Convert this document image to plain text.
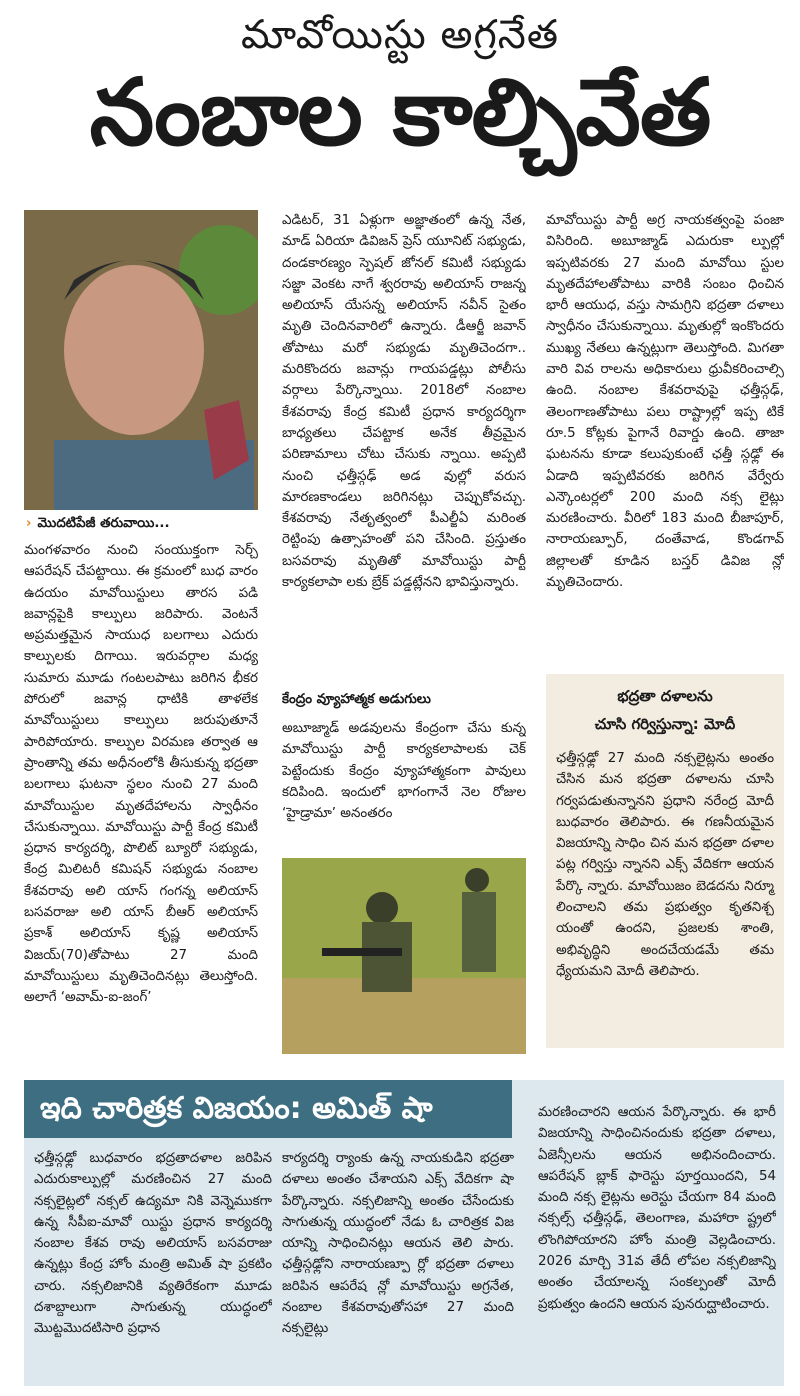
మావోయిస్టు అగ్రనేత
నంబాల కాల్చివేత
› మొదటిపేజీ తరువాయి...

మంగళవారం నుంచి సంయుక్తంగా సెర్చ్ ఆపరేషన్ చేపట్టాయి. ఈ క్రమంలో బుధ వారం ఉదయం మావోయిస్టులు తారస పడి జవాన్లపైకి కాల్పులు జరిపారు. వెంటనే అప్రమత్తమైన సాయుధ బలగాలు ఎదురు కాల్పులకు దిగాయి. ఇరువర్గాల మధ్య సుమారు మూడు గంటలపాటు జరిగిన భీకర పోరులో జవాన్ల ధాటికి తాళలేక మావోయిస్టులు కాల్పులు జరుపుతూనే పారిపోయారు. కాల్పుల విరమణ తర్వాత ఆ ప్రాంతాన్ని తమ అధీనంలోకి తీసుకున్న భద్రతా బలగాలు ఘటనా స్థలం నుంచి 27 మంది మావోయిస్టుల మృతదేహాలను స్వాధీనం చేసుకున్నాయి. మావోయిస్టు పార్టీ కేంద్ర కమిటీ ప్రధాన కార్యదర్శి, పొలిట్ బ్యూరో సభ్యుడు, కేంద్ర మిలిటరీ కమిషన్ సభ్యుడు నంబాల కేశవరావు అలి యాస్ గంగన్న అలియాస్ బసవరాజు అలి యాస్ బీఆర్ అలియాస్ ప్రకాశ్ అలియాస్ కృష్ణ అలియాస్ విజయ్(70)తోపాటు 27 మంది మావోయిస్టులు మృతిచెందినట్లు తెలుస్తోంది. అలాగే ‘అవామ్-ఐ-జంగ్’

ఎడిటర్, 31 ఏళ్లుగా అజ్ఞాతంలో ఉన్న నేత, మాడ్ ఏరియా డివిజన్ ప్రెస్ యూనిట్ సభ్యుడు, దండకారణ్యం స్పెషల్ జోనల్ కమిటీ సభ్యుడు సజ్జా వెంకట నాగే శ్వరరావు అలియాస్ రాజన్న అలియాస్ యేసన్న అలియాస్ నవీన్ సైతం మృతి చెందినవారిలో ఉన్నారు. డీఆర్జీ జవాన్ తోపాటు మరో సభ్యుడు మృతిచెందగా.. మరికొందరు జవాన్లు గాయపడ్డట్లు పోలీసు వర్గాలు పేర్కొన్నాయి. 2018లో నంబాల కేశవరావు కేంద్ర కమిటీ ప్రధాన కార్యదర్శిగా బాధ్యతలు చేపట్టాక అనేక తీవ్రమైన పరిణామాలు చోటు చేసుకు న్నాయి. అప్పటి నుంచి ఛత్తీస్గఢ్ అడ వుల్లో వరుస మారణకాండలు జరిగినట్లు చెప్పుకోవచ్చు. కేశవరావు నేతృత్వంలో పీఎల్జీఏ మరింత రెట్టింపు ఉత్సాహంతో పని చేసింది. ప్రస్తుతం బసవరావు మృతితో మావోయిస్టు పార్టీ కార్యకలాపా లకు బ్రేక్ పడ్డట్లేనని భావిస్తున్నారు.

కేంద్రం వ్యూహాత్మక అడుగులు

అబూజ్మాడ్ అడవులను కేంద్రంగా చేసు కున్న మావోయిస్టు పార్టీ కార్యకలాపాలకు చెక్ పెట్టేందుకు కేంద్రం వ్యూహాత్మకంగా పావులు కదిపింది. ఇందులో భాగంగానే నెల రోజుల ‘హైడ్రామా’ అనంతరం

మావోయిస్టు పార్టీ అగ్ర నాయకత్వంపై పంజా విసిరింది. అబూజ్మాడ్ ఎదురుకా ల్పుల్లో ఇప్పటివరకు 27 మంది మావోయి స్టుల మృతదేహాలతోపాటు వారికి సంబం ధించిన భారీ ఆయుధ, వస్తు సామగ్రిని భద్రతా దళాలు స్వాధీనం చేసుకున్నాయి. మృతుల్లో ఇంకొందరు ముఖ్య నేతలు ఉన్నట్లుగా తెలుస్తోంది. మిగతా వారి వివ రాలను అధికారులు ధ్రువీకరించాల్సి ఉంది. నంబాల కేశవరావుపై ఛత్తీస్గఢ్, తెలంగాణతోపాటు పలు రాష్ట్రాల్లో ఇప్ప టికే రూ.5 కోట్లకు పైగానే రివార్డు ఉంది. తాజా ఘటనను కూడా కలుపుకుంటే ఛత్తీ స్గఢ్లో ఈ ఏడాది ఇప్పటివరకు జరిగిన వేర్వేరు ఎన్కౌంటర్లలో 200 మంది నక్స లైట్లు మరణించారు. వీరిలో 183 మంది బీజాపూర్, నారాయణ్పూర్, దంతేవాడ, కొండగావ్ జిల్లాలతో కూడిన బస్తర్ డివిజ న్లో మృతిచెందారు.

భద్రతా దళాలను
చూసి గర్విస్తున్నా: మోదీ

ఛత్తీస్గఢ్లో 27 మంది నక్సలైట్లను అంతం చేసిన మన భద్రతా దళాలను చూసి గర్వపడుతున్నానని ప్రధాని నరేంద్ర మోదీ బుధవారం తెలిపారు. ఈ గణనీయమైన విజయాన్ని సాధిం చిన మన భద్రతా దళాల పట్ల గర్విస్తు న్నానని ఎక్స్ వేదికగా ఆయన పేర్కొ న్నారు. మావోయిజం బెడదను నిర్మూ లించాలని తమ ప్రభుత్వం కృతనిశ్చ యంతో ఉందని, ప్రజలకు శాంతి, అభివృద్ధిని అందచేయడమే తమ ధ్యేయమని మోదీ తెలిపారు.

ఇది చారిత్రక విజయం: అమిత్ షా

ఛత్తీస్గఢ్లో బుధవారం భద్రతాదళాల జరిపిన ఎదురుకాల్పుల్లో మరణించిన 27 మంది నక్సలైట్లలో నక్సల్ ఉద్యమా నికి వెన్నెముకగా ఉన్న సీపీఐ-మావో యిస్టు ప్రధాన కార్యదర్శి నంబాల కేశవ రావు అలియాస్ బసవరాజు ఉన్నట్లు కేంద్ర హోం మంత్రి అమిత్ షా ప్రకటిం చారు. నక్సలిజానికి వ్యతిరేకంగా మూడు దశాబ్దాలుగా సాగుతున్న యుద్ధంలో మొట్టమొదటిసారి ప్రధాన

కార్యదర్శి ర్యాంకు ఉన్న నాయకుడిని భద్రతా దళాలు అంతం చేశాయని ఎక్స్ వేదికగా షా పేర్కొన్నారు. నక్సలిజాన్ని అంతం చేసేందుకు సాగుతున్న యుద్ధంలో నేడు ఓ చారిత్రక విజ యాన్ని సాధించినట్లు ఆయన తెలి పారు. ఛత్తీస్గఢ్లోని నారాయణ్పూ ర్లో భద్రతా దళాలు జరిపిన ఆపరేష న్లో మావోయిస్టు అగ్రనేత, నంబాల కేశవరావుతోసహా 27 మంది నక్సలైట్లు

మరణించారని ఆయన పేర్కొన్నారు. ఈ భారీ విజయాన్ని సాధించినందుకు భద్రతా దళాలు, ఏజెన్సీలను ఆయన అభినందించారు. ఆపరేషన్ బ్లాక్ ఫారెస్టు పూర్తయిందని, 54 మంది నక్స లైట్లను అరెస్టు చేయగా 84 మంది నక్సల్స్ ఛత్తీస్గఢ్, తెలంగాణ, మహారా ష్ట్రలో లొంగిపోయారని హోం మంత్రి వెల్లడించారు. 2026 మార్చి 31వ తేదీ లోపల నక్సలిజాన్ని అంతం చేయాలన్న సంకల్పంతో మోదీ ప్రభుత్వం ఉందని ఆయన పునరుద్ఘాటించారు.
